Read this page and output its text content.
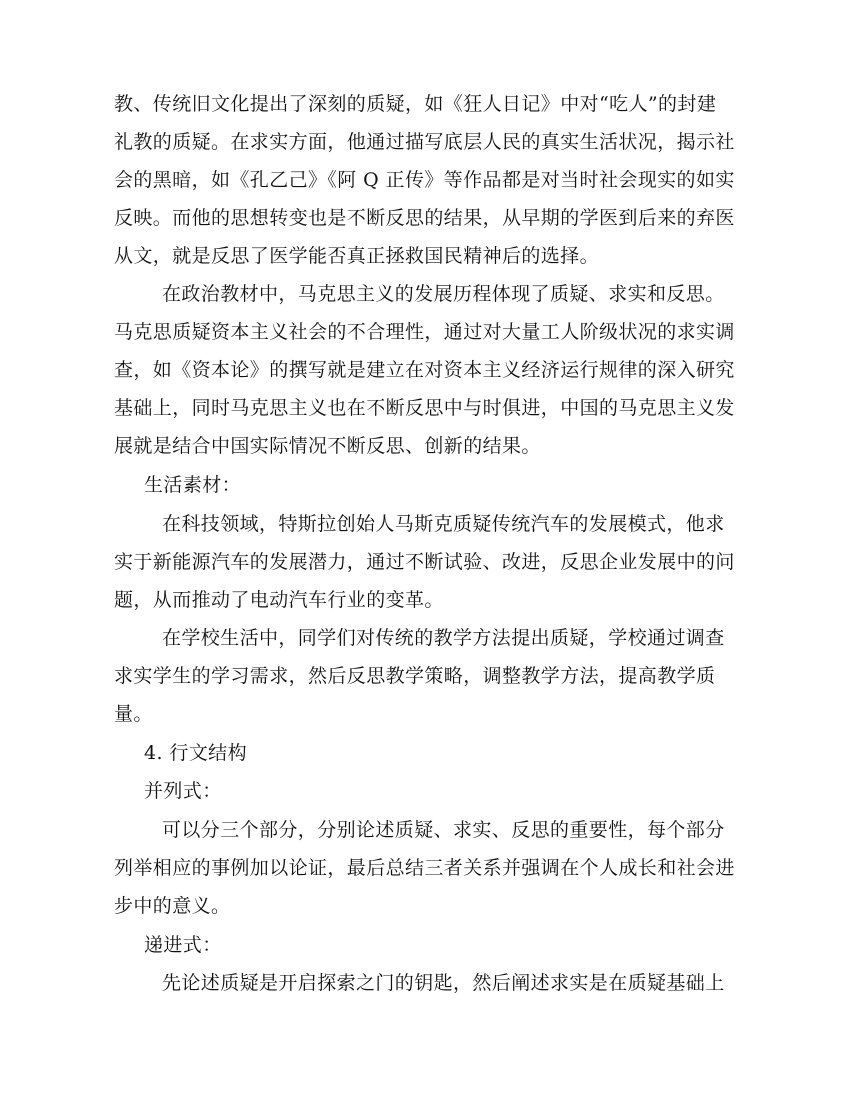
教、传统旧文化提出了深刻的质疑，如《狂人日记》中对“吃人”的封建
礼教的质疑。在求实方面，他通过描写底层人民的真实生活状况，揭示社
会的黑暗，如《孔乙己》《阿 Q 正传》等作品都是对当时社会现实的如实
反映。而他的思想转变也是不断反思的结果，从早期的学医到后来的弃医
从文，就是反思了医学能否真正拯救国民精神后的选择。
在政治教材中，马克思主义的发展历程体现了质疑、求实和反思。
马克思质疑资本主义社会的不合理性，通过对大量工人阶级状况的求实调
查，如《资本论》的撰写就是建立在对资本主义经济运行规律的深入研究
基础上，同时马克思主义也在不断反思中与时俱进，中国的马克思主义发
展就是结合中国实际情况不断反思、创新的结果。
生活素材：
在科技领域，特斯拉创始人马斯克质疑传统汽车的发展模式，他求
实于新能源汽车的发展潜力，通过不断试验、改进，反思企业发展中的问
题，从而推动了电动汽车行业的变革。
在学校生活中，同学们对传统的教学方法提出质疑，学校通过调查
求实学生的学习需求，然后反思教学策略，调整教学方法，提高教学质
量。
4. 行文结构
并列式：
可以分三个部分，分别论述质疑、求实、反思的重要性，每个部分
列举相应的事例加以论证，最后总结三者关系并强调在个人成长和社会进
步中的意义。
递进式：
先论述质疑是开启探索之门的钥匙，然后阐述求实是在质疑基础上
